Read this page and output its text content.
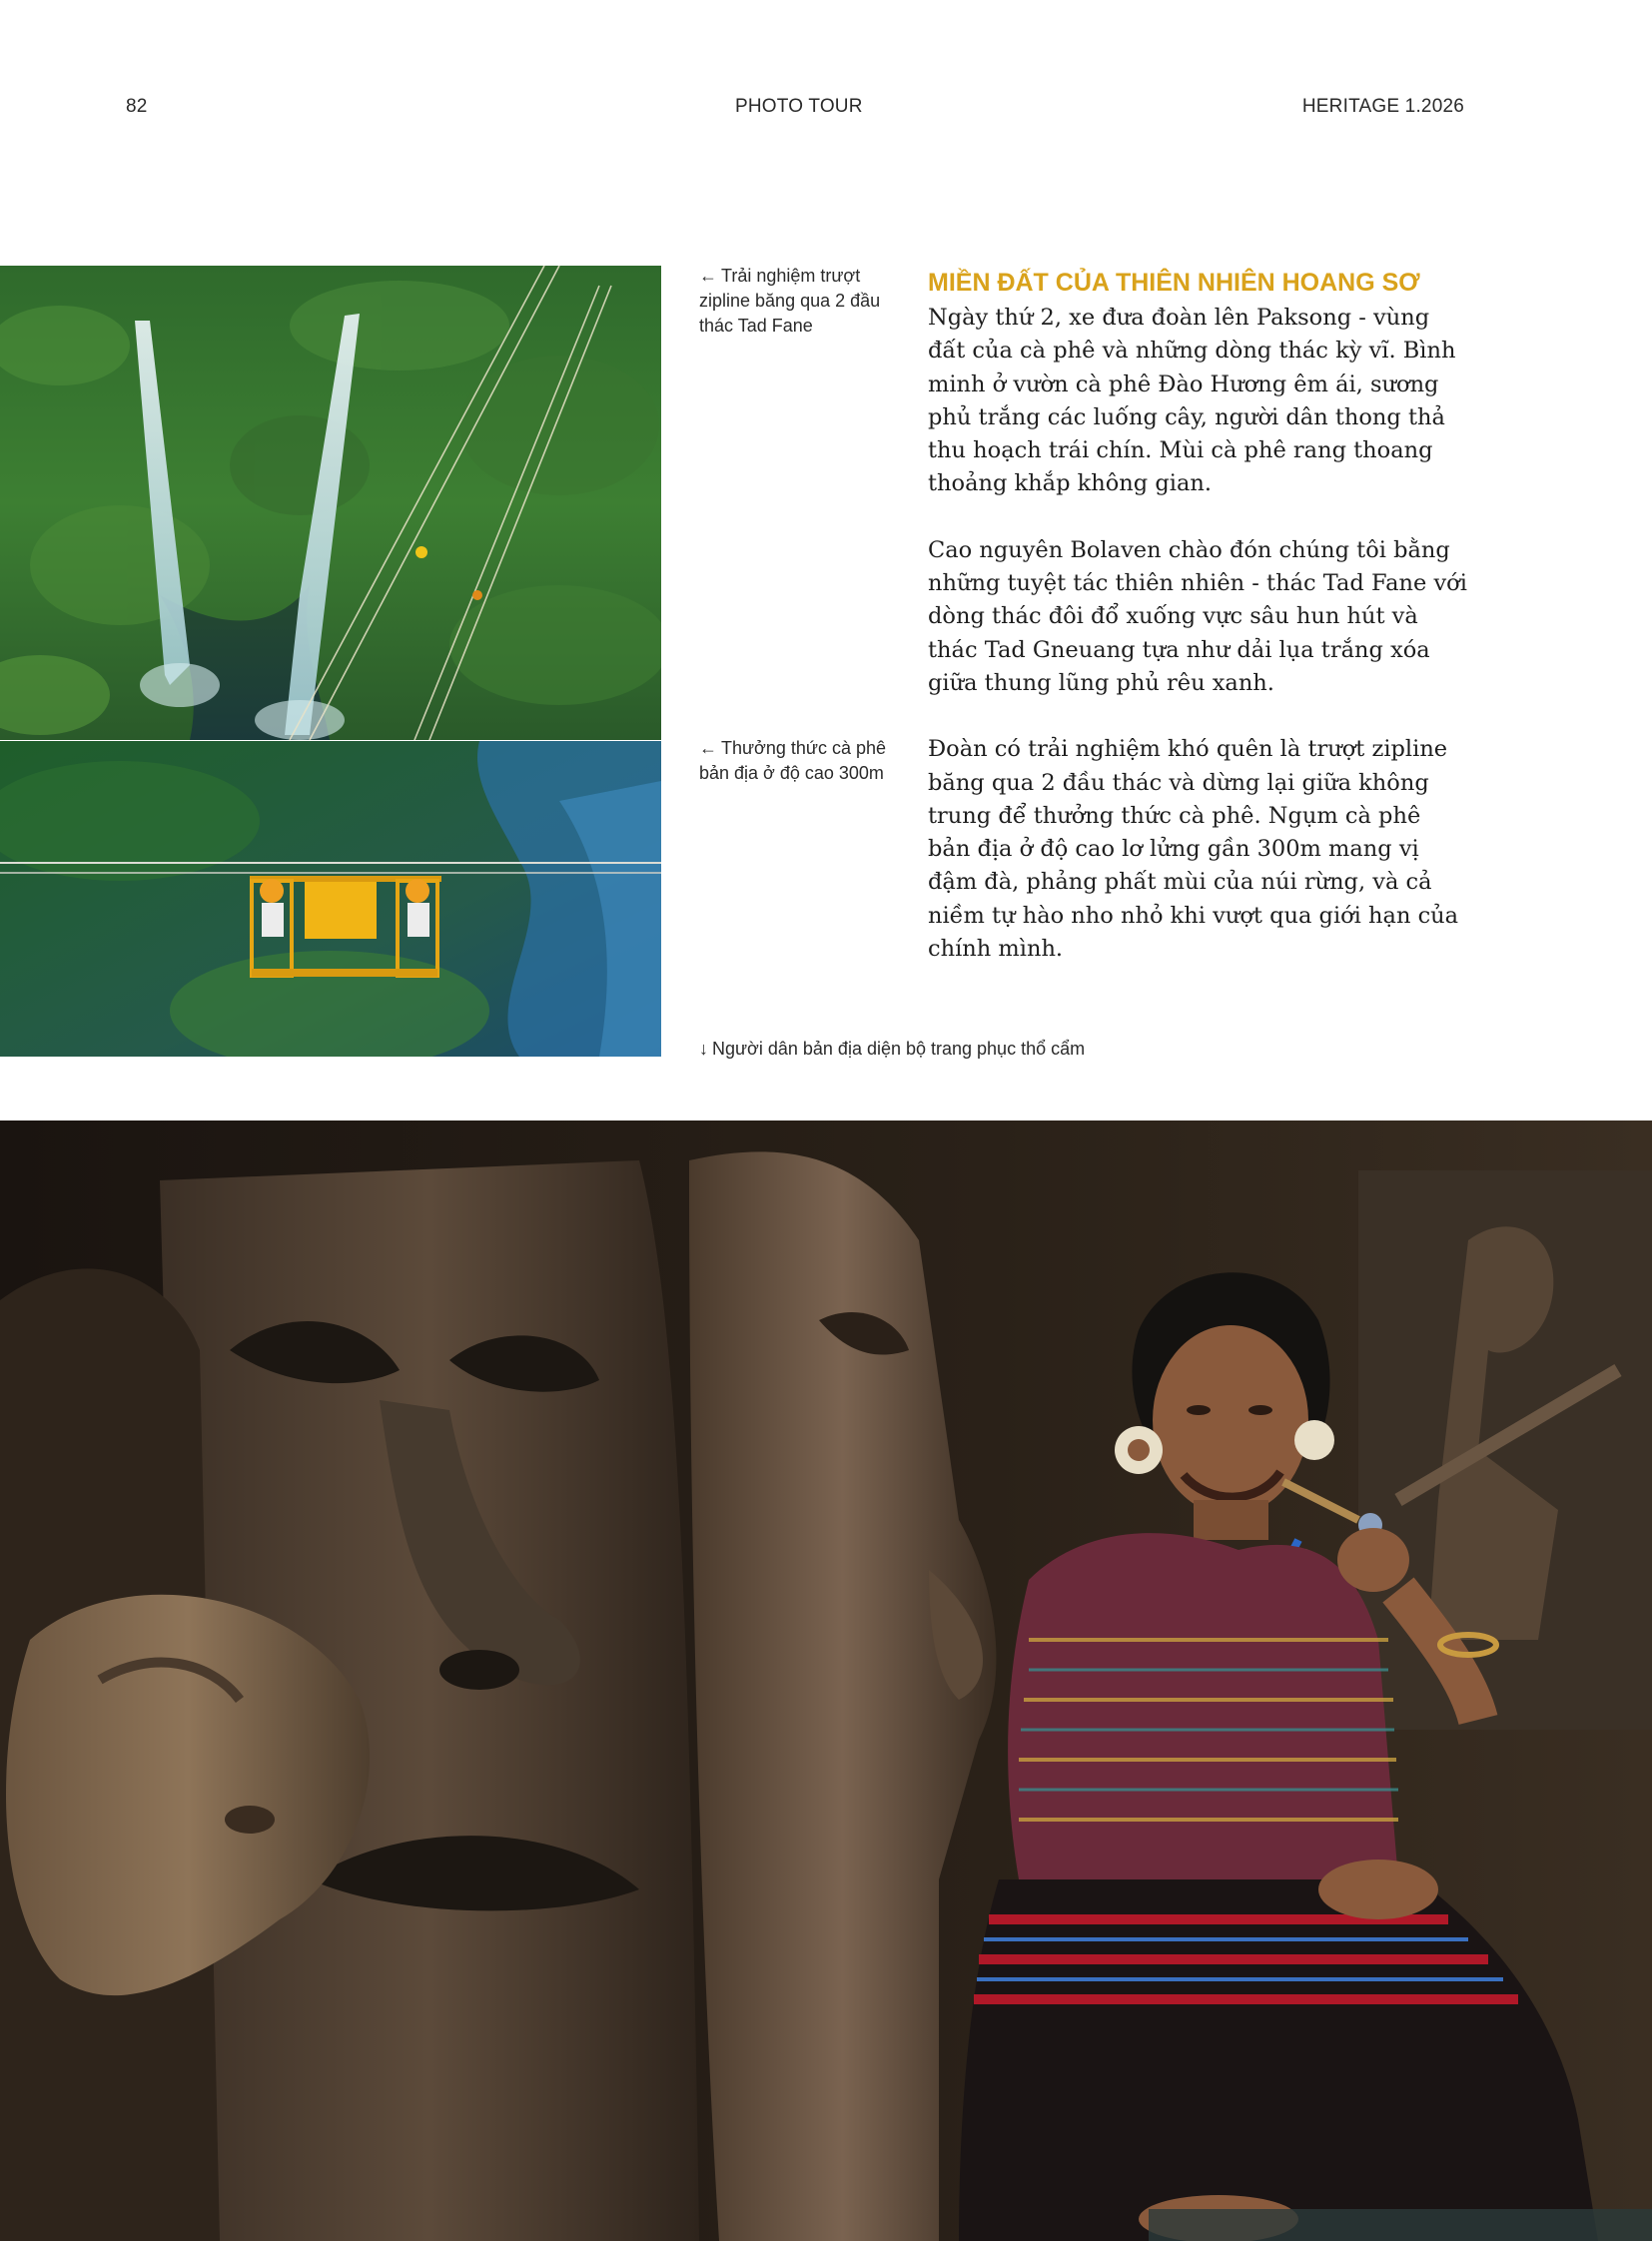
82	PHOTO TOUR	HERITAGE 1.2026
← Trải nghiệm trượt zipline băng qua 2 đầu thác Tad Fane
← Thưởng thức cà phê bản địa ở độ cao 300m
↓ Người dân bản địa diện bộ trang phục thổ cẩm
MIỀN ĐẤT CỦA THIÊN NHIÊN HOANG SƠ

Ngày thứ 2, xe đưa đoàn lên Paksong - vùng đất của cà phê và những dòng thác kỳ vĩ. Bình minh ở vườn cà phê Đào Hương êm ái, sương phủ trắng các luống cây, người dân thong thả thu hoạch trái chín. Mùi cà phê rang thoang thoảng khắp không gian.

Cao nguyên Bolaven chào đón chúng tôi bằng những tuyệt tác thiên nhiên - thác Tad Fane với dòng thác đôi đổ xuống vực sâu hun hút và thác Tad Gneuang tựa như dải lụa trắng xóa giữa thung lũng phủ rêu xanh.

Đoàn có trải nghiệm khó quên là trượt zipline băng qua 2 đầu thác và dừng lại giữa không trung để thưởng thức cà phê. Ngụm cà phê bản địa ở độ cao lơ lửng gần 300m mang vị đậm đà, phảng phất mùi của núi rừng, và cả niềm tự hào nho nhỏ khi vượt qua giới hạn của chính mình.
